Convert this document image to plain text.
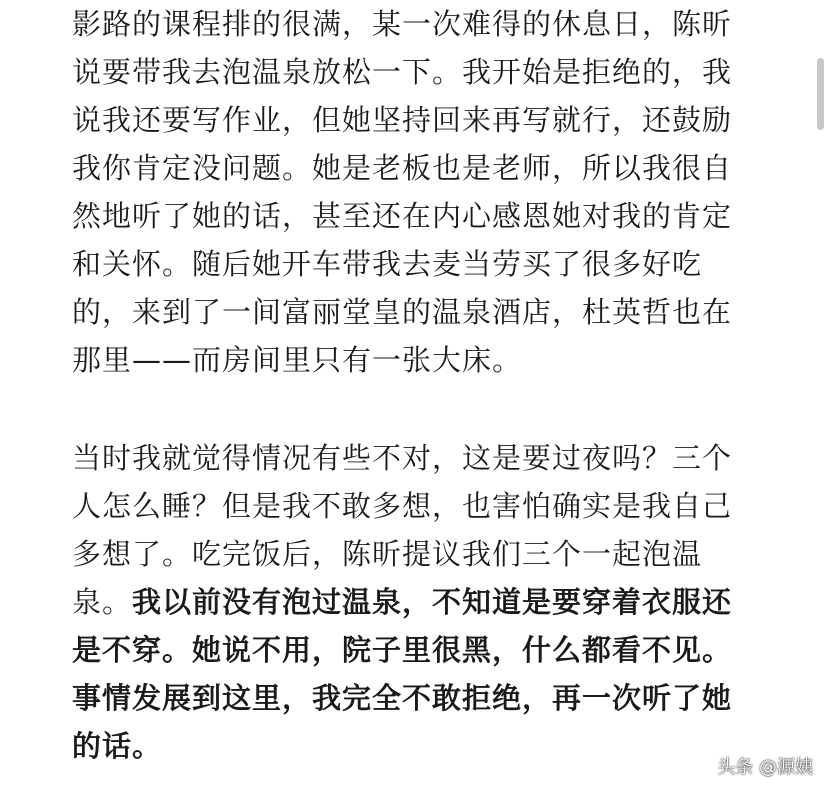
影路的课程排的很满，某一次难得的休息日，陈昕

说要带我去泡温泉放松一下。我开始是拒绝的，我

说我还要写作业，但她坚持回来再写就行，还鼓励

我你肯定没问题。她是老板也是老师，所以我很自

然地听了她的话，甚至还在内心感恩她对我的肯定

和关怀。随后她开车带我去麦当劳买了很多好吃

的，来到了一间富丽堂皇的温泉酒店，杜英哲也在

那里——而房间里只有一张大床。

当时我就觉得情况有些不对，这是要过夜吗？三个

人怎么睡？但是我不敢多想，也害怕确实是我自己

多想了。吃完饭后，陈昕提议我们三个一起泡温

泉。我以前没有泡过温泉，不知道是要穿着衣服还

是不穿。她说不用，院子里很黑，什么都看不见。

事情发展到这里，我完全不敢拒绝，再一次听了她

的话。

头条 @源姨
